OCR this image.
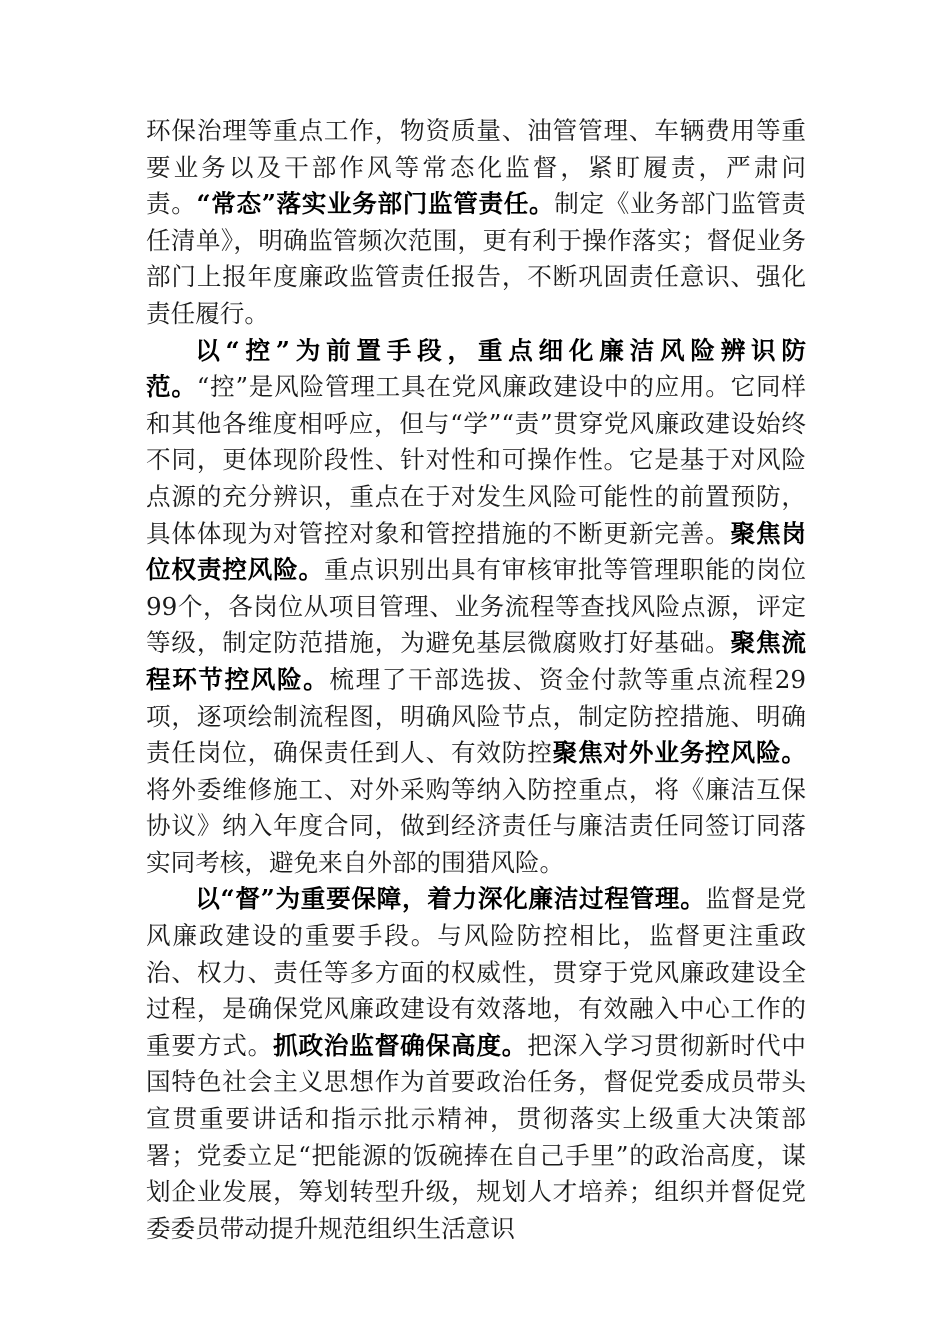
环保治理等重点工作，物资质量、油管管理、车辆费用等重要业务以及干部作风等常态化监督，紧盯履责，严肃问责。“常态”落实业务部门监管责任。制定《业务部门监管责任清单》，明确监管频次范围，更有利于操作落实；督促业务部门上报年度廉政监管责任报告，不断巩固责任意识、强化责任履行。

以“控”为前置手段，重点细化廉洁风险辨识防范。“控”是风险管理工具在党风廉政建设中的应用。它同样和其他各维度相呼应，但与“学”“责”贯穿党风廉政建设始终不同，更体现阶段性、针对性和可操作性。它是基于对风险点源的充分辨识，重点在于对发生风险可能性的前置预防，具体体现为对管控对象和管控措施的不断更新完善。聚焦岗位权责控风险。重点识别出具有审核审批等管理职能的岗位99个，各岗位从项目管理、业务流程等查找风险点源，评定等级，制定防范措施，为避免基层微腐败打好基础。聚焦流程环节控风险。梳理了干部选拔、资金付款等重点流程29项，逐项绘制流程图，明确风险节点，制定防控措施、明确责任岗位，确保责任到人、有效防控聚焦对外业务控风险。将外委维修施工、对外采购等纳入防控重点，将《廉洁互保协议》纳入年度合同，做到经济责任与廉洁责任同签订同落实同考核，避免来自外部的围猎风险。

以“督”为重要保障，着力深化廉洁过程管理。监督是党风廉政建设的重要手段。与风险防控相比，监督更注重政治、权力、责任等多方面的权威性，贯穿于党风廉政建设全过程，是确保党风廉政建设有效落地，有效融入中心工作的重要方式。抓政治监督确保高度。把深入学习贯彻新时代中国特色社会主义思想作为首要政治任务，督促党委成员带头宣贯重要讲话和指示批示精神，贯彻落实上级重大决策部署；党委立足“把能源的饭碗捧在自己手里”的政治高度，谋划企业发展，筹划转型升级，规划人才培养；组织并督促党委委员带动提升规范组织生活意识
